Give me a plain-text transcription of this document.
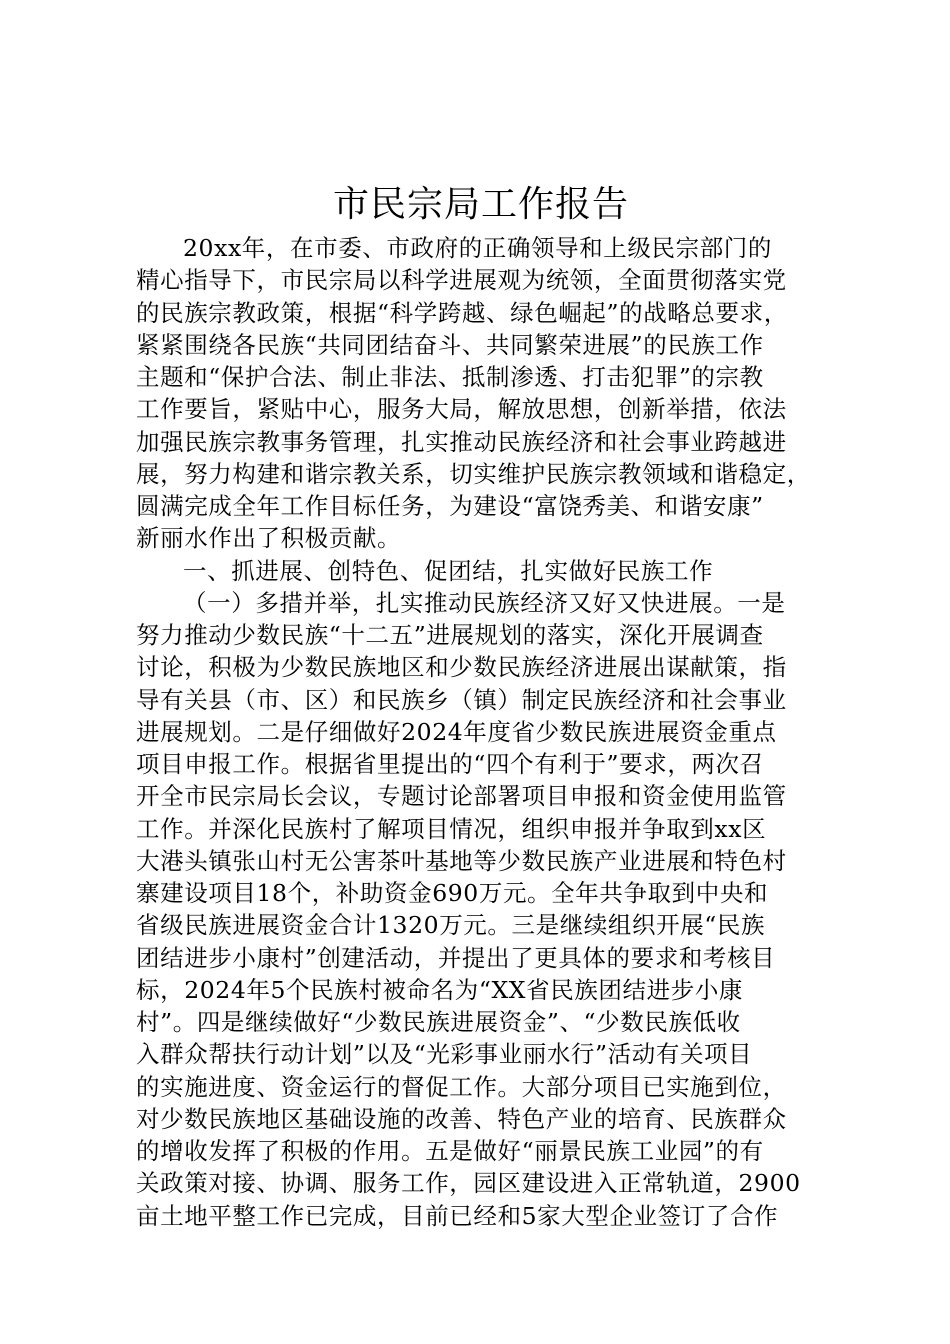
市民宗局工作报告
20xx年，在市委、市政府的正确领导和上级民宗部门的
精心指导下，市民宗局以科学进展观为统领，全面贯彻落实党
的民族宗教政策，根据“科学跨越、绿色崛起”的战略总要求，
紧紧围绕各民族“共同团结奋斗、共同繁荣进展”的民族工作
主题和“保护合法、制止非法、抵制渗透、打击犯罪”的宗教
工作要旨，紧贴中心，服务大局，解放思想，创新举措，依法
加强民族宗教事务管理，扎实推动民族经济和社会事业跨越进
展，努力构建和谐宗教关系，切实维护民族宗教领域和谐稳定，
圆满完成全年工作目标任务，为建设“富饶秀美、和谐安康”
新丽水作出了积极贡献。
一、抓进展、创特色、促团结，扎实做好民族工作
（一）多措并举，扎实推动民族经济又好又快进展。一是
努力推动少数民族“十二五”进展规划的落实，深化开展调查
讨论，积极为少数民族地区和少数民族经济进展出谋献策，指
导有关县（市、区）和民族乡（镇）制定民族经济和社会事业
进展规划。二是仔细做好2024年度省少数民族进展资金重点
项目申报工作。根据省里提出的“四个有利于”要求，两次召
开全市民宗局长会议，专题讨论部署项目申报和资金使用监管
工作。并深化民族村了解项目情况，组织申报并争取到xx区
大港头镇张山村无公害茶叶基地等少数民族产业进展和特色村
寨建设项目18个，补助资金690万元。全年共争取到中央和
省级民族进展资金合计1320万元。三是继续组织开展“民族
团结进步小康村”创建活动，并提出了更具体的要求和考核目
标，2024年5个民族村被命名为“XX省民族团结进步小康
村”。四是继续做好“少数民族进展资金”、“少数民族低收
入群众帮扶行动计划”以及“光彩事业丽水行”活动有关项目
的实施进度、资金运行的督促工作。大部分项目已实施到位，
对少数民族地区基础设施的改善、特色产业的培育、民族群众
的增收发挥了积极的作用。五是做好“丽景民族工业园”的有
关政策对接、协调、服务工作，园区建设进入正常轨道，2900
亩土地平整工作已完成，目前已经和5家大型企业签订了合作
